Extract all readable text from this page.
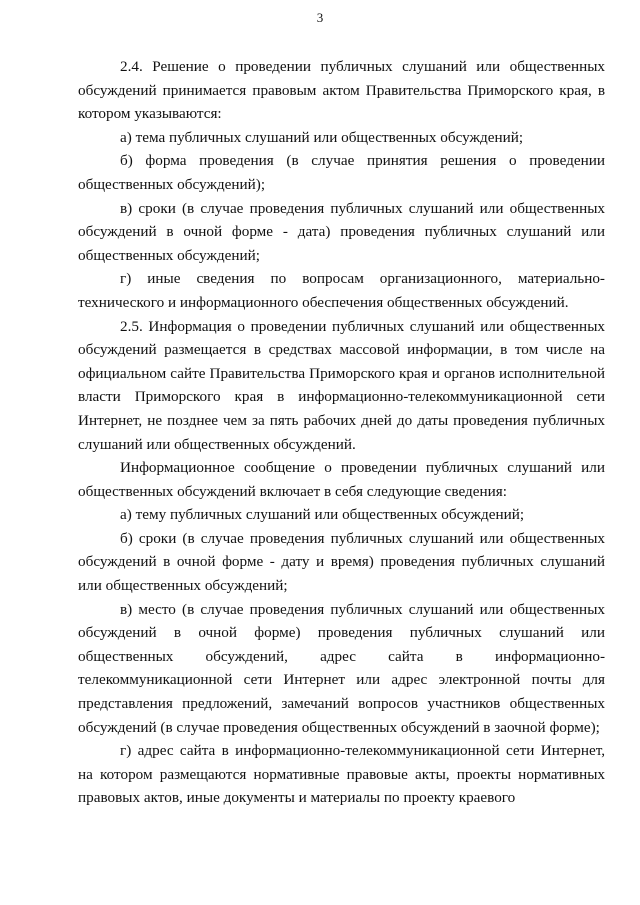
3

2.4. Решение о проведении публичных слушаний или общественных обсуждений принимается правовым актом Правительства Приморского края, в котором указываются:

а) тема публичных слушаний или общественных обсуждений;

б) форма проведения (в случае принятия решения о проведении общественных обсуждений);

в) сроки (в случае проведения публичных слушаний или общественных обсуждений в очной форме - дата) проведения публичных слушаний или общественных обсуждений;

г) иные сведения по вопросам организационного, материально-технического и информационного обеспечения общественных обсуждений.

2.5. Информация о проведении публичных слушаний или общественных обсуждений размещается в средствах массовой информации, в том числе на официальном сайте Правительства Приморского края и органов исполнительной власти Приморского края в информационно-телекоммуникационной сети Интернет, не позднее чем за пять рабочих дней до даты проведения публичных слушаний или общественных обсуждений.

Информационное сообщение о проведении публичных слушаний или общественных обсуждений включает в себя следующие сведения:

а) тему публичных слушаний или общественных обсуждений;

б) сроки (в случае проведения публичных слушаний или общественных обсуждений в очной форме - дату и время) проведения публичных слушаний или общественных обсуждений;

в) место (в случае проведения публичных слушаний или общественных обсуждений в очной форме) проведения публичных слушаний или общественных обсуждений, адрес сайта в информационно-телекоммуникационной сети Интернет или адрес электронной почты для представления предложений, замечаний вопросов участников общественных обсуждений (в случае проведения общественных обсуждений в заочной форме);

г) адрес сайта в информационно-телекоммуникационной сети Интернет, на котором размещаются нормативные правовые акты, проекты нормативных правовых актов, иные документы и материалы по проекту краевого
